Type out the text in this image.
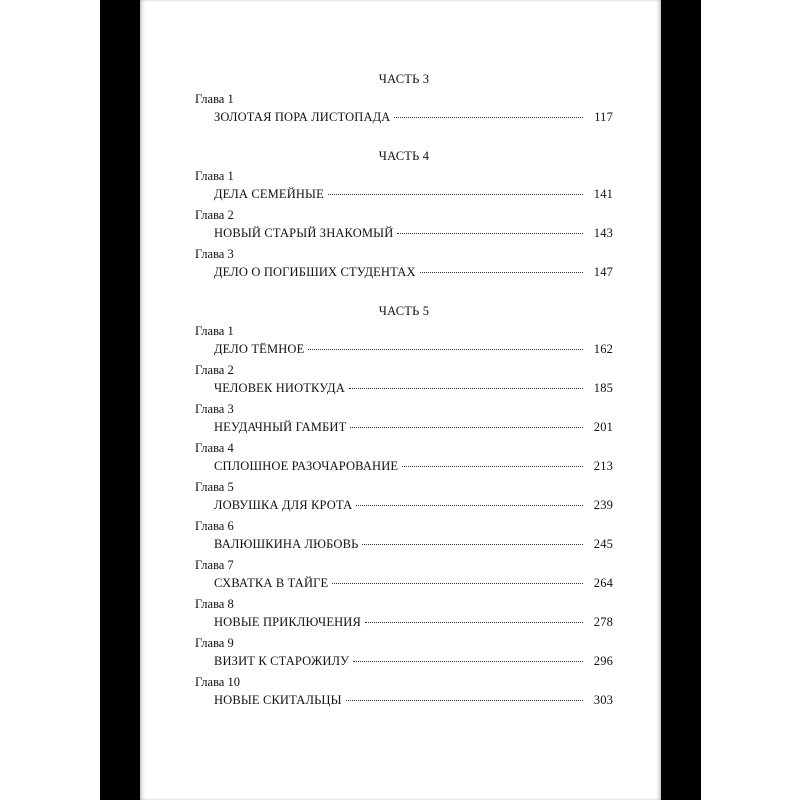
ЧАСТЬ 3
Глава 1
ЗОЛОТАЯ ПОРА ЛИСТОПАДА	117
ЧАСТЬ 4
Глава 1
ДЕЛА СЕМЕЙНЫЕ	141
Глава 2
НОВЫЙ СТАРЫЙ ЗНАКОМЫЙ	143
Глава 3
ДЕЛО О ПОГИБШИХ СТУДЕНТАХ	147
ЧАСТЬ 5
Глава 1
ДЕЛО ТЁМНОЕ	162
Глава 2
ЧЕЛОВЕК НИОТКУДА	185
Глава 3
НЕУДАЧНЫЙ ГАМБИТ	201
Глава 4
СПЛОШНОЕ РАЗОЧАРОВАНИЕ	213
Глава 5
ЛОВУШКА ДЛЯ КРОТА	239
Глава 6
ВАЛЮШКИНА ЛЮБОВЬ	245
Глава 7
СХВАТКА В ТАЙГЕ	264
Глава 8
НОВЫЕ ПРИКЛЮЧЕНИЯ	278
Глава 9
ВИЗИТ К СТАРОЖИЛУ	296
Глава 10
НОВЫЕ СКИТАЛЬЦЫ	303
